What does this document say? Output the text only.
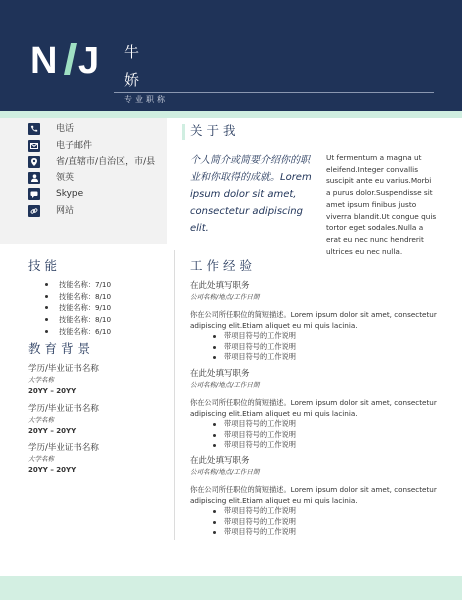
N J 牛
娇
专业职称
电话
电子邮件
省/直辖市/自治区，市/县
领英
Skype
网站
关于我
个人简介或简要介绍你的职业和你取得的成就。Lorem ipsum dolor sit amet, consectetur adipiscing elit.
Ut fermentum a magna ut eleifend.Integer convallis suscipit ante eu varius.Morbi a purus dolor.Suspendisse sit amet ipsum finibus justo viverra blandit.Ut congue quis tortor eget sodales.Nulla a erat eu nec nunc hendrerit ultrices eu nec nulla.
技能
技能名称：7/10
技能名称：8/10
技能名称：9/10
技能名称：8/10
技能名称：6/10
教育背景
学历/毕业证书名称
大学名称
20YY – 20YY
学历/毕业证书名称
大学名称
20YY – 20YY
学历/毕业证书名称
大学名称
20YY – 20YY
工作经验
在此处填写职务
公司名称/地点/工作日期
你在公司所任职位的简短描述。Lorem ipsum dolor sit amet, consectetur adipiscing elit.Etiam aliquet eu mi quis lacinia.
带项目符号的工作说明
带项目符号的工作说明
带项目符号的工作说明
在此处填写职务
公司名称/地点/工作日期
你在公司所任职位的简短描述。Lorem ipsum dolor sit amet, consectetur adipiscing elit.Etiam aliquet eu mi quis lacinia.
带项目符号的工作说明
带项目符号的工作说明
带项目符号的工作说明
在此处填写职务
公司名称/地点/工作日期
你在公司所任职位的简短描述。Lorem ipsum dolor sit amet, consectetur adipiscing elit.Etiam aliquet eu mi quis lacinia.
带项目符号的工作说明
带项目符号的工作说明
带项目符号的工作说明
